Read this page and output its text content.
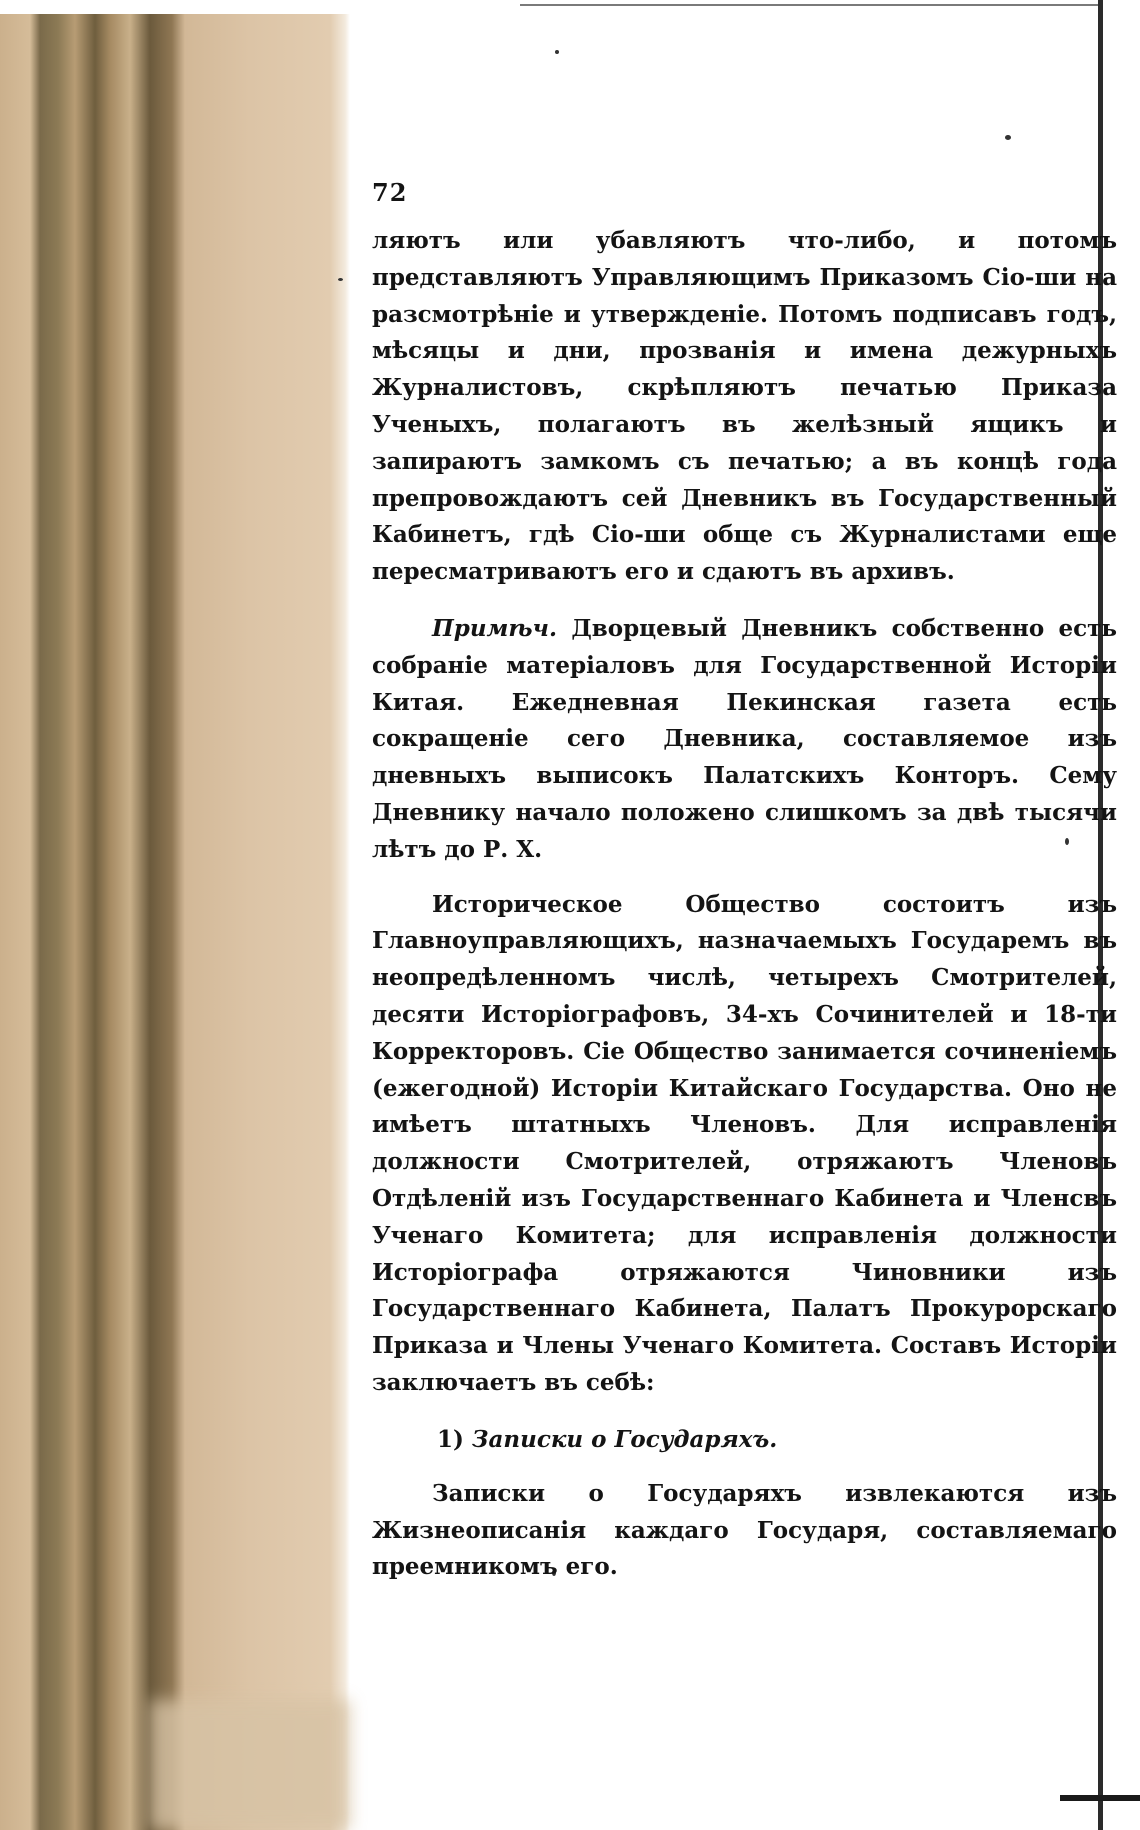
72

ляютъ или убавляютъ что-либо, и потомъ представляютъ Управляющимъ Приказомъ Сіо-ши на разсмотрѣніе и утвержденіе. Потомъ подписавъ годъ, мѣсяцы и дни, прозванія и имена дежурныхъ Журналистовъ, скрѣпляютъ печатью Приказа Ученыхъ, полагаютъ въ желѣзный ящикъ и запираютъ замкомъ съ печатью; а въ концѣ года препровождаютъ сей Дневникъ въ Государственный Кабинетъ, гдѣ Сіо-ши обще съ Журналистами еще пересматриваютъ его и сдаютъ въ архивъ.

Примѣч. Дворцевый Дневникъ собственно есть собраніе матеріаловъ для Государственной Исторіи Китая. Ежедневная Пекинская газета есть сокращеніе сего Дневника, составляемое изъ дневныхъ выписокъ Палатскихъ Конторъ. Сему Дневнику начало положено слишкомъ за двѣ тысячи лѣтъ до Р. Х.

Историческое Общество состоитъ изъ Главноуправляющихъ, назначаемыхъ Государемъ въ неопредѣленномъ числѣ, четырехъ Смотрителей, десяти Исторіографовъ, 34-хъ Сочинителей и 18-ти Корректоровъ. Сіе Общество занимается сочиненіемъ (ежегодной) Исторіи Китайскаго Государства. Оно не имѣетъ штатныхъ Членовъ. Для исправленія должности Смотрителей, отряжаютъ Членовъ Отдѣленій изъ Государственнаго Кабинета и Членсвъ Ученаго Комитета; для исправленія должности Исторіографа отряжаются Чиновники изъ Государственнаго Кабинета, Палатъ Прокурорскаго Приказа и Члены Ученаго Комитета. Составъ Исторіи заключаетъ въ себѣ:

1) Записки о Государяхъ.

Записки о Государяхъ извлекаются изъ Жизнеописанія каждаго Государя, составляемаго преемникомъ его.
